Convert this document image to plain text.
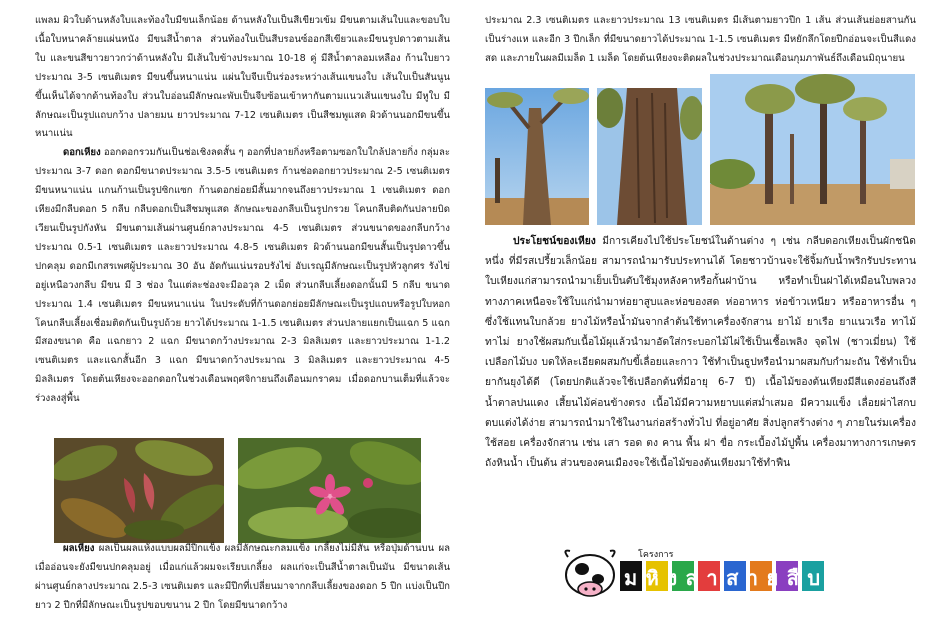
แพลม ผิวใบด้านหลังใบและท้องใบมีขนเล็กน้อย ด้านหลังใบเป็นสีเขียวเข้ม มีขนตามเส้นใบและขอบใบ เนื้อใบหนาคล้ายแผ่นหนัง มีขนสีน้ำตาล ส่วนท้องใบเป็นสีบรอนซ์ออกสีเขียวและมีขนรูปดาวตามเส้นใบ และขนสีขาวยาวกว่าด้านหลังใบ มีเส้นใบข้างประมาณ 10-18 คู่ มีสีน้ำตาลอมเหลือง ก้านใบยาวประมาณ 3-5 เซนติเมตร มีขนขึ้นหนาแน่น แผ่นใบจีบเป็นร่องระหว่างเส้นแขนงใบ เส้นใบเป็นสันนูนขึ้นเห็นได้จากด้านท้องใบ ส่วนใบอ่อนมีลักษณะพับเป็นจีบซ้อนเข้าหากันตามแนวเส้นแขนงใบ มีหูใบ มีลักษณะเป็นรูปแถบกว้าง ปลายมน ยาวประมาณ 7-12 เซนติเมตร เป็นสีชมพูแสด ผิวด้านนอกมีขนขึ้นหนาแน่น

ดอกเหียง ออกดอกรวมกันเป็นช่อเชิงลดสั้น ๆ ออกที่ปลายกิ่งหรือตามซอกใบใกล้ปลายกิ่ง กลุ่มละประมาณ 3-7 ดอก ดอกมีขนาดประมาณ 3.5-5 เซนติเมตร ก้านช่อดอกยาวประมาณ 2-5 เซนติเมตร มีขนหนาแน่น แกนก้านเป็นรูปซิกแซก ก้านดอกย่อยมีสั้นมากจนถึงยาวประมาณ 1 เซนติเมตร ดอกเหียงมีกลีบดอก 5 กลีบ กลีบดอกเป็นสีชมพูแสด ลักษณะของกลีบเป็นรูปกรวย โคนกลีบติดกันปลายบิดเวียนเป็นรูปกังหัน มีขนตามเส้นผ่านศูนย์กลางประมาณ 4-5 เซนติเมตร ส่วนขนาดของกลีบกว้างประมาณ 0.5-1 เซนติเมตร และยาวประมาณ 4.8-5 เซนติเมตร ผิวด้านนอกมีขนสั้นเป็นรูปดาวขึ้นปกคลุม ดอกมีเกสรเพศผู้ประมาณ 30 อัน อัดกันแน่นรอบรังไข่ อับเรณูมีลักษณะเป็นรูปหัวลูกศร รังไข่อยู่เหนือวงกลีบ มีขน มี 3 ช่อง ในแต่ละช่องจะมีออวุล 2 เม็ด ส่วนกลีบเลี้ยงดอกนั้นมี 5 กลีบ ขนาดประมาณ 1.4 เซนติเมตร มีขนหนาแน่น ในประดับที่ก้านดอกย่อยมีลักษณะเป็นรูปแถบหรือรูปใบหอก โคนกลีบเลี้ยงเชื่อมติดกันเป็นรูปถ้วย ยาวได้ประมาณ 1-1.5 เซนติเมตร ส่วนปลายแยกเป็นแฉก 5 แฉก มีสองขนาด คือ แฉกยาว 2 แฉก มีขนาดกว้างประมาณ 2-3 มิลลิเมตร และยาวประมาณ 1-1.2 เซนติเมตร และแฉกสั้นอีก 3 แฉก มีขนาดกว้างประมาณ 3 มิลลิเมตร และยาวประมาณ 4-5 มิลลิเมตร โดยต้นเหียงจะออกดอกในช่วงเดือนพฤศจิกายนถึงเดือนมกราคม เมื่อดอกบานเต็มที่แล้วจะร่วงลงสู่พื้น

ผลเหียง ผลเป็นผลแห้งแบบผลมีปีกแข็ง ผลมีลักษณะกลมแข็ง เกลี้ยงไม่มีสัน หรือปุ่มด้านบน ผลเมื่ออ่อนจะยังมีขนปกคลุมอยู่ เมื่อแก่แล้วผมจะเรียบเกลี้ยง ผลแก่จะเป็นสีน้ำตาลเป็นมัน มีขนาดเส้นผ่านศูนย์กลางประมาณ 2.5-3 เซนติเมตร และมีปีกที่เปลี่ยนมาจากกลีบเลี้ยงของดอก 5 ปีก แบ่งเป็นปีกยาว 2 ปีกที่มีลักษณะเป็นรูปขอบขนาน 2 ปีก โดยมีขนาดกว้าง

ประมาณ 2.3 เซนติเมตร และยาวประมาณ 13 เซนติเมตร มีเส้นตามยาวปีก 1 เส้น ส่วนเส้นย่อยสานกันเป็นร่างแห และอีก 3 ปีกเล็ก ที่มีขนาดยาวได้ประมาณ 1-1.5 เซนติเมตร มีหยักลึกโดยปีกอ่อนจะเป็นสีแดงสด และภายในผลมีเมล็ด 1 เมล็ด โดยต้นเหียงจะติดผลในช่วงประมาณเดือนกุมภาพันธ์ถึงเดือนมิถุนายน

ประโยชน์ของเหียง มีการเคียงไปใช้ประโยชน์ในด้านต่าง ๆ เช่น กลีบดอกเหียงเป็นผักชนิดหนึ่ง ที่มีรสเปรี้ยวเล็กน้อย สามารถนำมารับประทานได้ โดยชาวบ้านจะใช้จิ้มกับน้ำพริกรับประทาน ใบเหียงแก่สามารถนำมาเย็บเป็นตับใช้มุงหลังคาหรือกั้นฝาบ้าน หรือทำเป็นฝาได้เหมือนใบพลวง ทางภาคเหนือจะใช้ใบแก่นำมาห่อยาสูบและห่อของสด ห่ออาหาร ห่อข้าวเหนียว หรืออาหารอื่น ๆ ซึ่งใช้แทนใบกล้วย ยางไม้หรือน้ำมันจากลำต้นใช้ทาเครื่องจักสาน ยาไม้ ยาเรือ ยาแนวเรือ ทาไม้ ทาไม่ ยางใช้ผสมกับเนื้อไม้ผุแล้วนำมาอัดใส่กระบอกไม้ไผ่ใช้เป็นเชื้อเพลิง จุดไฟ (ชาวเมี่ยน) ใช้เปลือกไม้บง บดให้ละเอียดผสมกับขี้เลื่อยและกาว ใช้ทำเป็นธูปหรือนำมาผสมกับกำมะถัน ใช้ทำเป็นยากันยุงได้ดี (โดยปกติแล้วจะใช้เปลือกต้นที่มีอายุ 6-7 ปี) เนื้อไม้ของต้นเหียงมีสีแดงอ่อนถึงสีน้ำตาลปนแดง เสี้ยนไม้ค่อนข้างตรง เนื้อไม้มีความหยาบแต่สม่ำเสมอ มีความแข็ง เลื่อยผ่าไสกบตบแต่งได้ง่าย สามารถนำมาใช้ในงานก่อสร้างทั่วไป ที่อยู่อาศัย สิ่งปลูกสร้างต่าง ๆ ภายในร่มเครื่องใช้สอย เครื่องจักสาน เช่น เสา รอด ตง คาน พื้น ฝา ขื่อ กระเบื้องไม้ปูพื้น เครื่องมาทางการเกษตร ถังหินน้ำ เป็นต้น ส่วนของคนเมืองจะใช้เนื้อไม้ของต้นเหียงมาใช้ทำฟืน

โครงการ
มหิงสาสายสืบ
